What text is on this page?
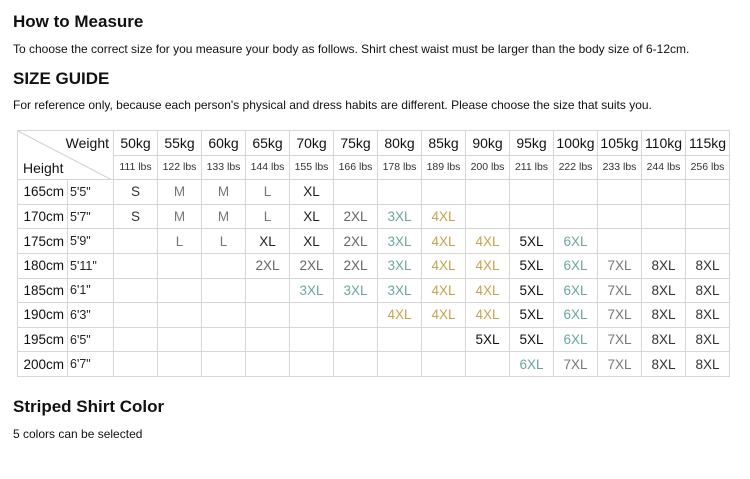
How to Measure
To choose the correct size for you measure your body as follows. Shirt chest waist must be larger than the body size of 6-12cm.
SIZE GUIDE
For reference only, because each person's physical and dress habits are different. Please choose the size that suits you.
Weight
Height		50kg	55kg	60kg	65kg	70kg	75kg	80kg	85kg	90kg	95kg	100kg	105kg	110kg	115kg
		111 lbs	122 lbs	133 lbs	144 lbs	155 lbs	166 lbs	178 lbs	189 lbs	200 lbs	211 lbs	222 lbs	233 lbs	244 lbs	256 lbs
165cm	5'5"	S	M	M	L	XL									
170cm	5'7"	S	M	M	L	XL	2XL	3XL	4XL						
175cm	5'9"		L	L	XL	XL	2XL	3XL	4XL	4XL	5XL	6XL			
180cm	5'11"				2XL	2XL	2XL	3XL	4XL	4XL	5XL	6XL	7XL	8XL	8XL
185cm	6'1"					3XL	3XL	3XL	4XL	4XL	5XL	6XL	7XL	8XL	8XL
190cm	6'3"							4XL	4XL	4XL	5XL	6XL	7XL	8XL	8XL
195cm	6'5"									5XL	5XL	6XL	7XL	8XL	8XL
200cm	6'7"										6XL	7XL	7XL	8XL	8XL
Striped Shirt Color
5 colors can be selected
